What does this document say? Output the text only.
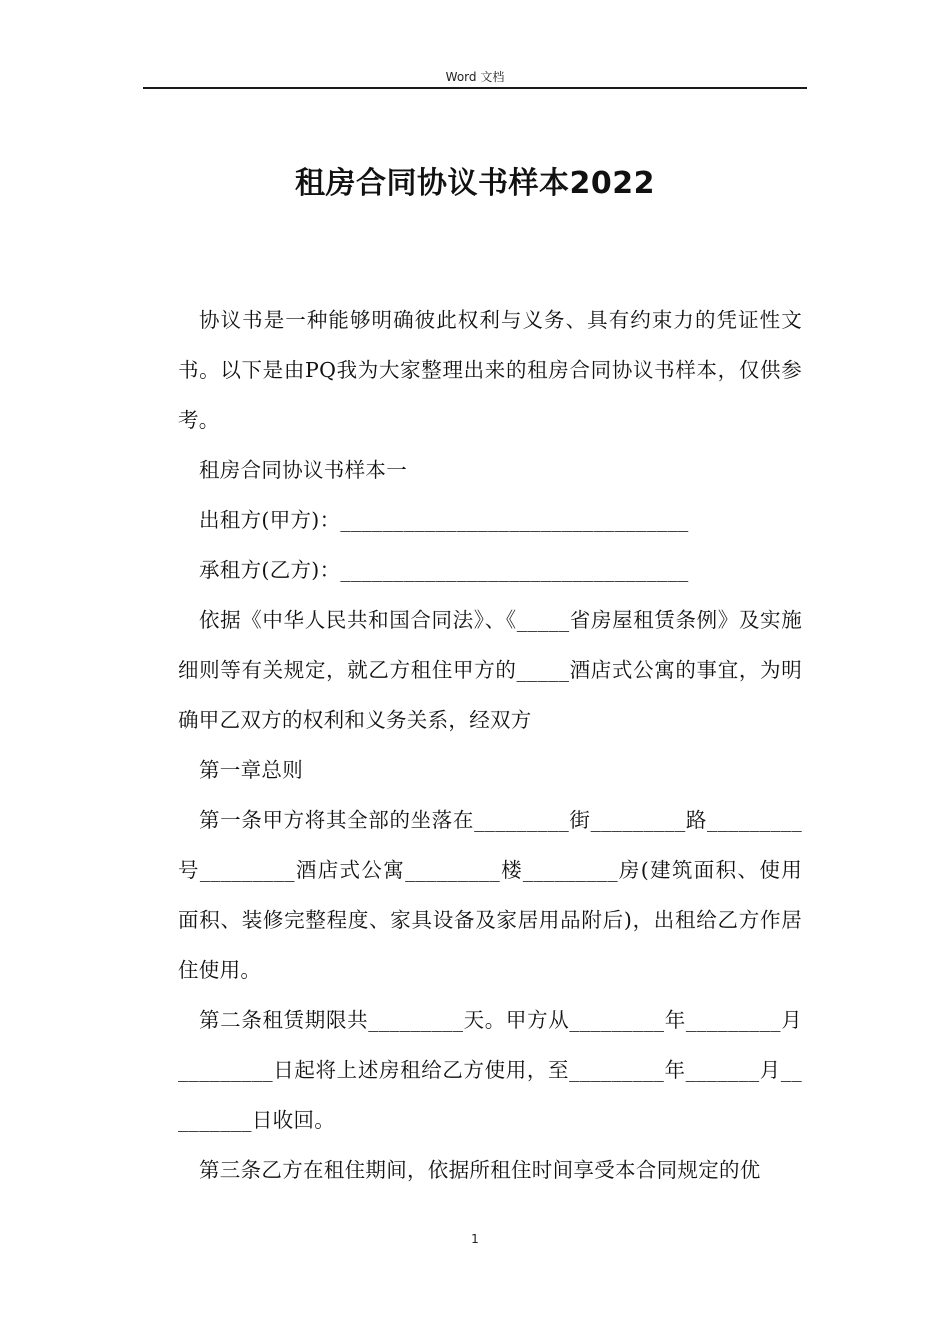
Word 文档
租房合同协议书样本2022

协议书是一种能够明确彼此权利与义务、具有约束力的凭证性文书。以下是由PQ我为大家整理出来的租房合同协议书样本，仅供参考。

租房合同协议书样本一

出租方(甲方)：_________________________________

承租方(乙方)：_________________________________

依据《中华人民共和国合同法》、《_____省房屋租赁条例》及实施细则等有关规定，就乙方租住甲方的_____酒店式公寓的事宜，为明确甲乙双方的权利和义务关系，经双方

第一章总则

第一条甲方将其全部的坐落在_________街_________路_________号_________酒店式公寓_________楼_________房(建筑面积、使用面积、装修完整程度、家具设备及家居用品附后)，出租给乙方作居住使用。

第二条租赁期限共_________天。甲方从_________年_________月_________日起将上述房租给乙方使用，至_________年_______月_________日收回。

第三条乙方在租住期间，依据所租住时间享受本合同规定的优

1
